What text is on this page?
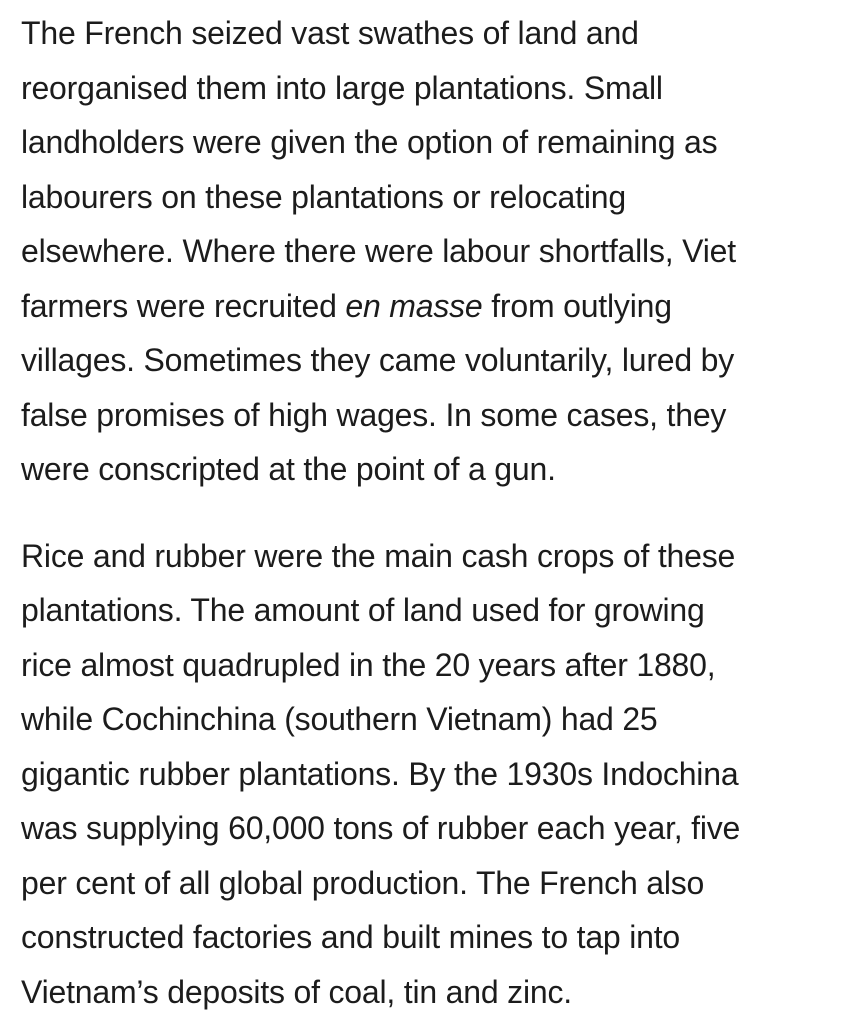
The French seized vast swathes of land and
reorganised them into large plantations. Small
landholders were given the option of remaining as
labourers on these plantations or relocating
elsewhere. Where there were labour shortfalls, Viet
farmers were recruited en masse from outlying
villages. Sometimes they came voluntarily, lured by
false promises of high wages. In some cases, they
were conscripted at the point of a gun.

Rice and rubber were the main cash crops of these
plantations. The amount of land used for growing
rice almost quadrupled in the 20 years after 1880,
while Cochinchina (southern Vietnam) had 25
gigantic rubber plantations. By the 1930s Indochina
was supplying 60,000 tons of rubber each year, five
per cent of all global production. The French also
constructed factories and built mines to tap into
Vietnam’s deposits of coal, tin and zinc.
